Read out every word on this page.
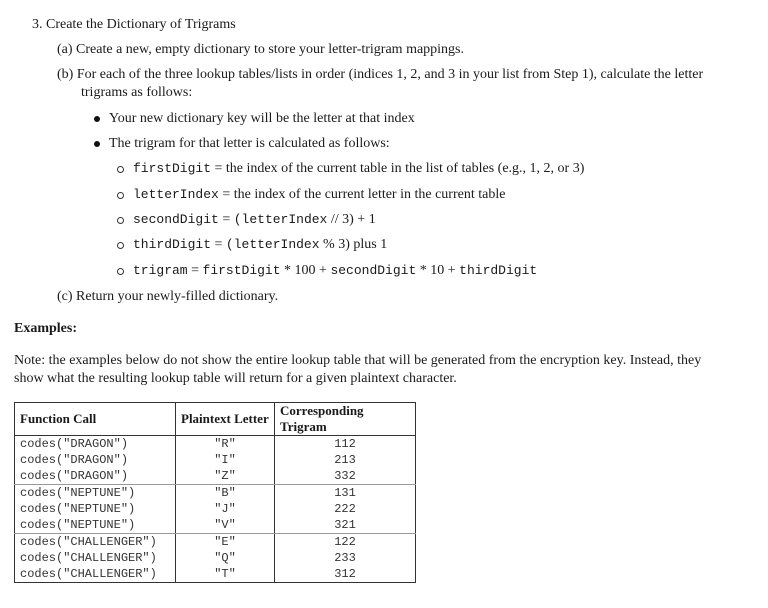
3. Create the Dictionary of Trigrams
(a) Create a new, empty dictionary to store your letter-trigram mappings.
(b) For each of the three lookup tables/lists in order (indices 1, 2, and 3 in your list from Step 1), calculate the letter
trigrams as follows:
Your new dictionary key will be the letter at that index
The trigram for that letter is calculated as follows:
firstDigit = the index of the current table in the list of tables (e.g., 1, 2, or 3)
letterIndex = the index of the current letter in the current table
secondDigit = (letterIndex // 3) + 1
thirdDigit = (letterIndex % 3) plus 1
trigram = firstDigit * 100 + secondDigit * 10 + thirdDigit
(c) Return your newly-filled dictionary.
Examples:
Note: the examples below do not show the entire lookup table that will be generated from the encryption key. Instead, they
show what the resulting lookup table will return for a given plaintext character.
Function Call	Plaintext Letter	Corresponding Trigram
codes("DRAGON")	"R"	112
codes("DRAGON")	"I"	213
codes("DRAGON")	"Z"	332
codes("NEPTUNE")	"B"	131
codes("NEPTUNE")	"J"	222
codes("NEPTUNE")	"V"	321
codes("CHALLENGER")	"E"	122
codes("CHALLENGER")	"Q"	233
codes("CHALLENGER")	"T"	312
